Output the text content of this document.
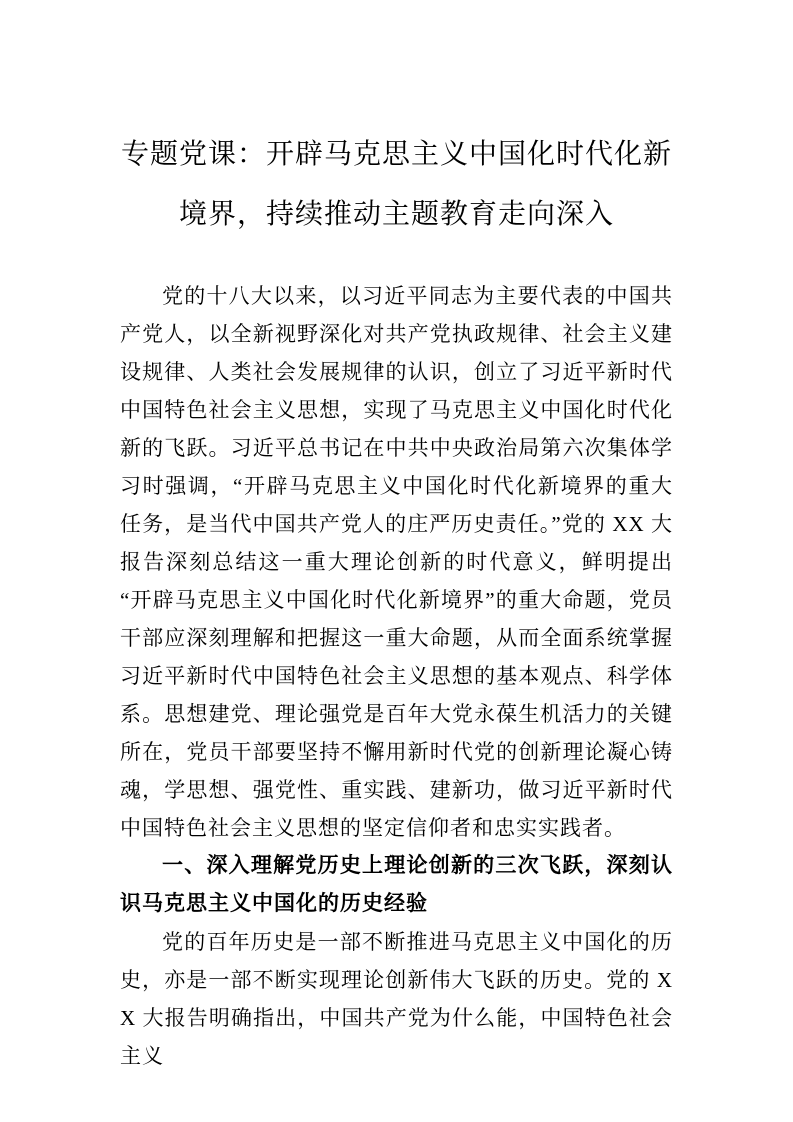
专题党课：开辟马克思主义中国化时代化新境界，持续推动主题教育走向深入

党的十八大以来，以习近平同志为主要代表的中国共产党人，以全新视野深化对共产党执政规律、社会主义建设规律、人类社会发展规律的认识，创立了习近平新时代中国特色社会主义思想，实现了马克思主义中国化时代化新的飞跃。习近平总书记在中共中央政治局第六次集体学习时强调，“开辟马克思主义中国化时代化新境界的重大任务，是当代中国共产党人的庄严历史责任。”党的 XX 大报告深刻总结这一重大理论创新的时代意义，鲜明提出“开辟马克思主义中国化时代化新境界”的重大命题，党员干部应深刻理解和把握这一重大命题，从而全面系统掌握习近平新时代中国特色社会主义思想的基本观点、科学体系。思想建党、理论强党是百年大党永葆生机活力的关键所在，党员干部要坚持不懈用新时代党的创新理论凝心铸魂，学思想、强党性、重实践、建新功，做习近平新时代中国特色社会主义思想的坚定信仰者和忠实实践者。

一、深入理解党历史上理论创新的三次飞跃，深刻认识马克思主义中国化的历史经验

党的百年历史是一部不断推进马克思主义中国化的历史，亦是一部不断实现理论创新伟大飞跃的历史。党的 XX 大报告明确指出，中国共产党为什么能，中国特色社会主义
